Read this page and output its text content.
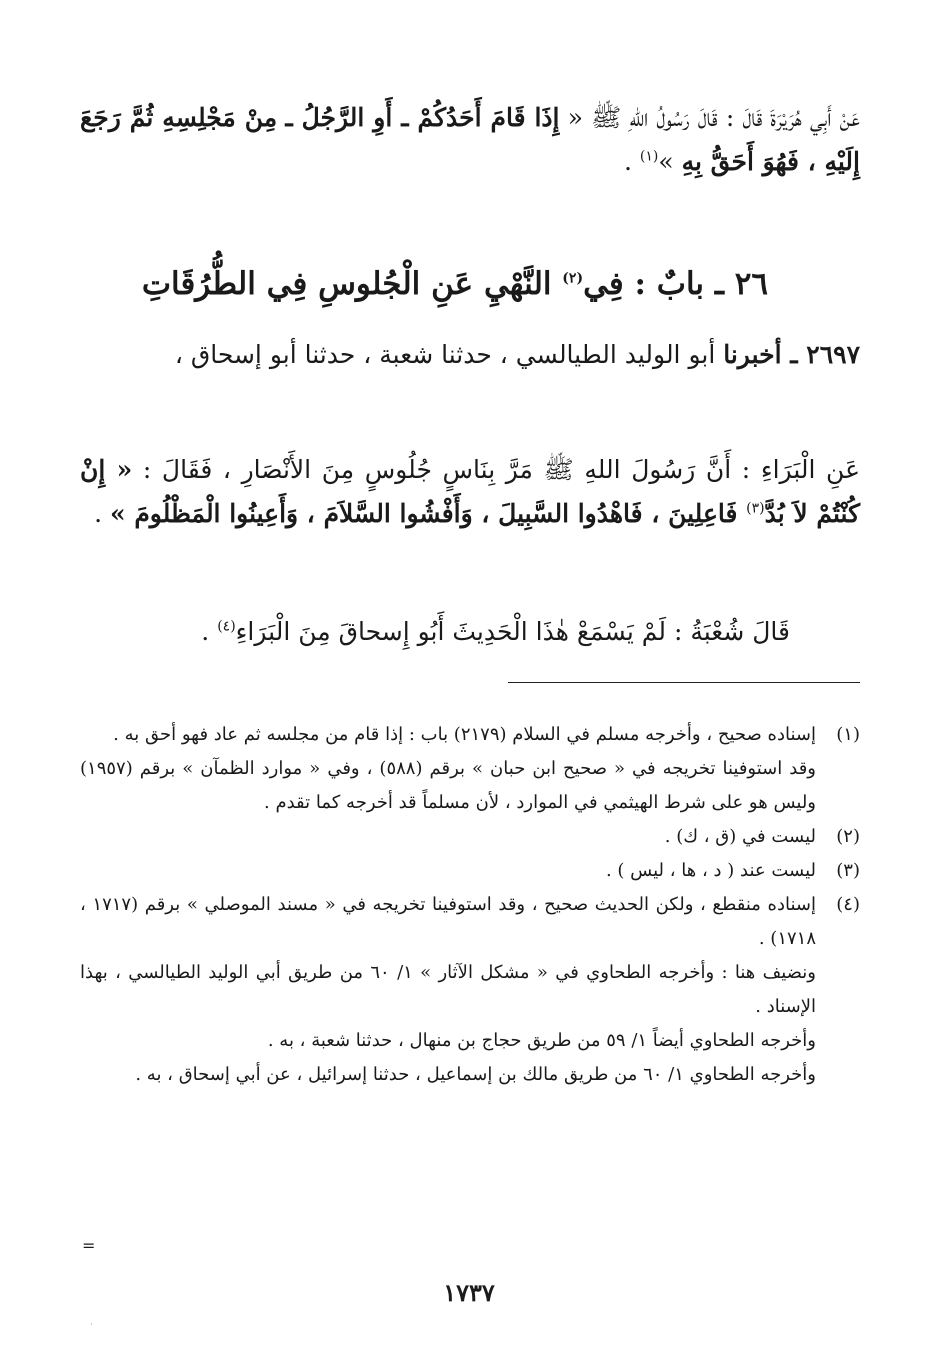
عَنْ أَبِي هُرَيْرَةَ قَالَ : قَالَ رَسُولُ اللهِ ﷺ « إِذَا قَامَ أَحَدُكُمْ ـ أَوِ الرَّجُلُ ـ مِنْ مَجْلِسِهِ ثُمَّ رَجَعَ إِلَيْهِ ، فَهُوَ أَحَقُّ بِهِ »$^{(١)}$ .
٢٦ ـ بابٌ : فِي$^{(٢)}$ النَّهْيِ عَنِ الْجُلوسِ فِي الطُّرُقَاتِ
٢٦٩٧ ـ أخبرنا أبو الوليد الطيالسي ، حدثنا شعبة ، حدثنا أبو إسحاق ،
عَنِ الْبَرَاءِ : أَنَّ رَسُولَ اللهِ ﷺ مَرَّ بِنَاسٍ جُلُوسٍ مِنَ الأَنْصَارِ ، فَقَالَ : « إِنْ كُنْتُمْ لاَ بُدَّ$^{(٣)}$ فَاعِلِينَ ، فَاهْدُوا السَّبِيلَ ، وَأَفْشُوا السَّلاَمَ ، وَأَعِينُوا الْمَظْلُومَ » .
قَالَ شُعْبَةُ : لَمْ يَسْمَعْ هٰذَا الْحَدِيثَ أَبُو إِسحاقَ مِنَ الْبَرَاءِ$^{(٤)}$ .
(١)
إسناده صحيح ، وأخرجه مسلم في السلام (٢١٧٩) باب : إذا قام من مجلسه ثم عاد فهو أحق به .
وقد استوفينا تخريجه في « صحيح ابن حبان » برقم (٥٨٨) ، وفي « موارد الظمآن » برقم (١٩٥٧) وليس هو على شرط الهيثمي في الموارد ، لأن مسلماً قد أخرجه كما تقدم .
(٢)
ليست في (ق ، ك) .
(٣)
ليست عند ( د ، ها ، ليس ) .
(٤)
إسناده منقطع ، ولكن الحديث صحيح ، وقد استوفينا تخريجه في « مسند الموصلي » برقم (١٧١٧ ، ١٧١٨) .
ونضيف هنا : وأخرجه الطحاوي في « مشكل الآثار » ١/ ٦٠ من طريق أبي الوليد الطيالسي ، بهذا الإسناد .
وأخرجه الطحاوي أيضاً ١/ ٥٩ من طريق حجاج بن منهال ، حدثنا شعبة ، به .
وأخرجه الطحاوي ١/ ٦٠ من طريق مالك بن إسماعيل ، حدثنا إسرائيل ، عن أبي إسحاق ، به .
=
١٧٣٧
·
